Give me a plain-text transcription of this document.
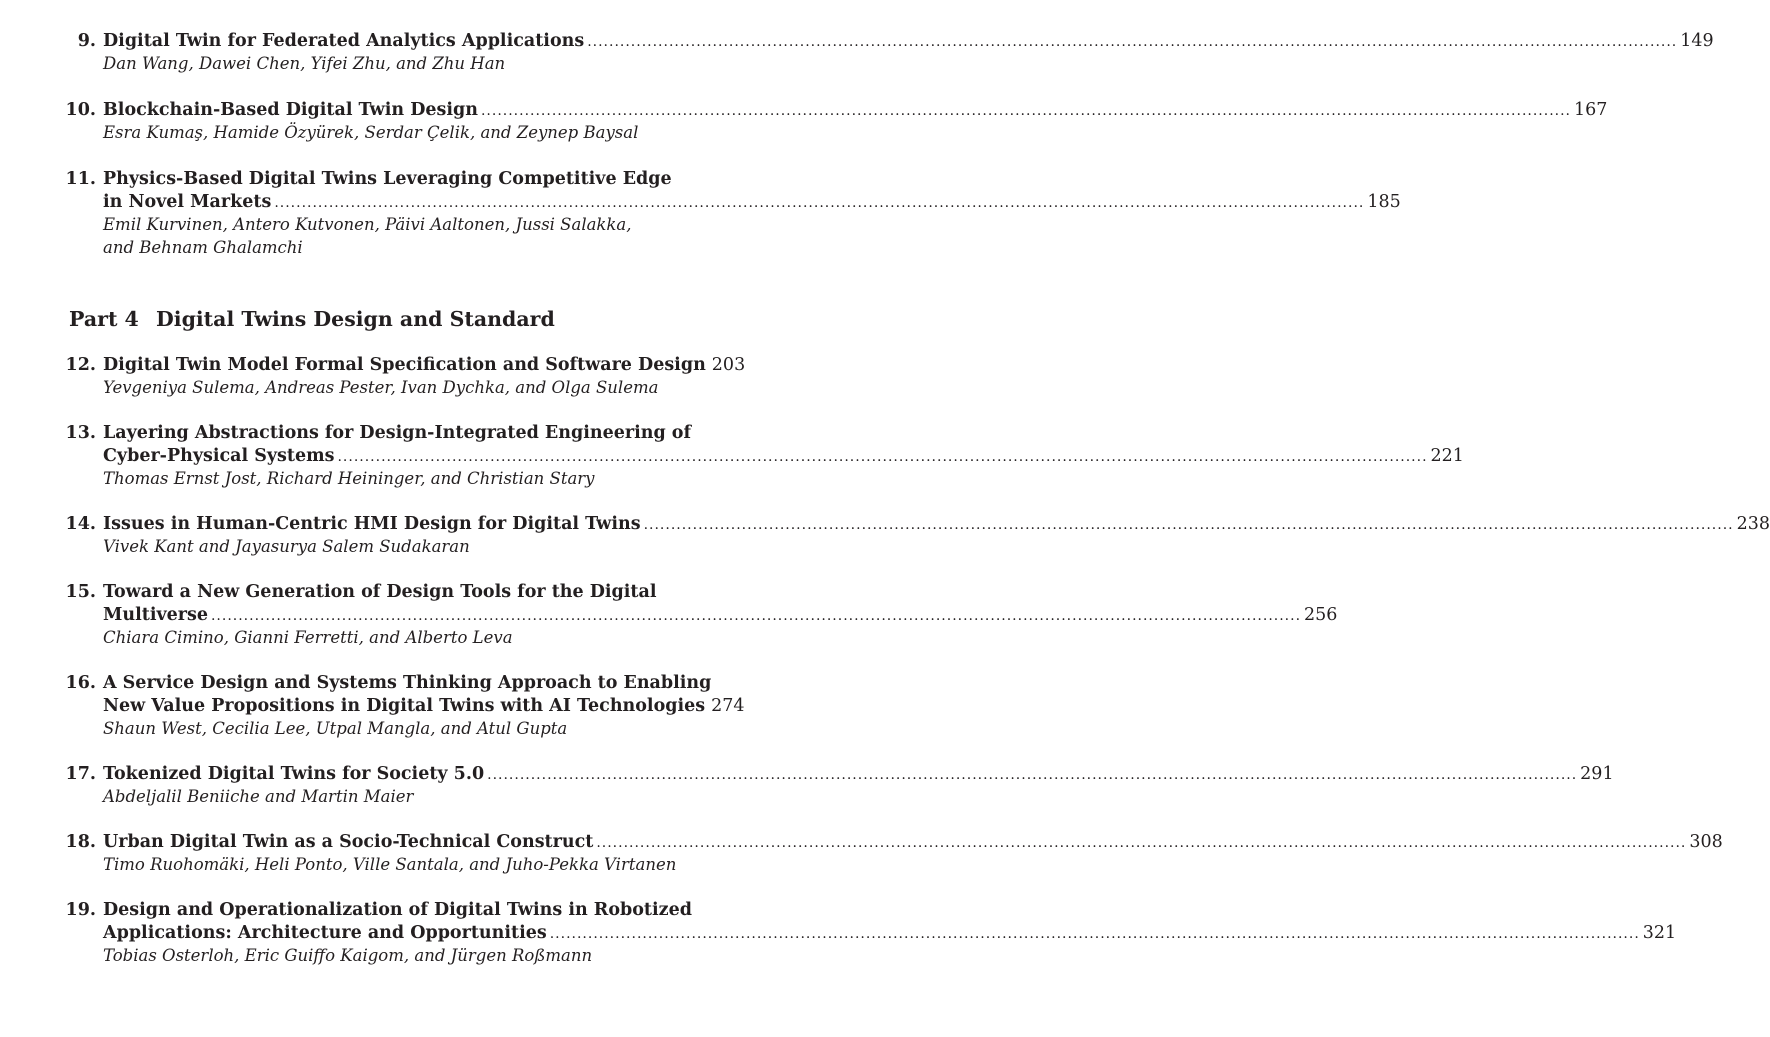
Part 4 Digital Twins Design and Standard
9. Digital Twin for Federated Analytics Applications ........................................................................................................................................................................................................ 149
Dan Wang, Dawei Chen, Yifei Zhu, and Zhu Han
10. Blockchain-Based Digital Twin Design ........................................................................................................................................................................................................ 167
Esra Kumaş, Hamide Özyürek, Serdar Çelik, and Zeynep Baysal
11. Physics-Based Digital Twins Leveraging Competitive Edge
in Novel Markets ........................................................................................................................................................................................................ 185
Emil Kurvinen, Antero Kutvonen, Päivi Aaltonen, Jussi Salakka,
and Behnam Ghalamchi
12. Digital Twin Model Formal Specification and Software Design 203
Yevgeniya Sulema, Andreas Pester, Ivan Dychka, and Olga Sulema
13. Layering Abstractions for Design-Integrated Engineering of
Cyber-Physical Systems ........................................................................................................................................................................................................ 221
Thomas Ernst Jost, Richard Heininger, and Christian Stary
14. Issues in Human-Centric HMI Design for Digital Twins ........................................................................................................................................................................................................ 238
Vivek Kant and Jayasurya Salem Sudakaran
15. Toward a New Generation of Design Tools for the Digital
Multiverse ........................................................................................................................................................................................................ 256
Chiara Cimino, Gianni Ferretti, and Alberto Leva
16. A Service Design and Systems Thinking Approach to Enabling
New Value Propositions in Digital Twins with AI Technologies 274
Shaun West, Cecilia Lee, Utpal Mangla, and Atul Gupta
17. Tokenized Digital Twins for Society 5.0 ........................................................................................................................................................................................................ 291
Abdeljalil Beniiche and Martin Maier
18. Urban Digital Twin as a Socio-Technical Construct ........................................................................................................................................................................................................ 308
Timo Ruohomäki, Heli Ponto, Ville Santala, and Juho-Pekka Virtanen
19. Design and Operationalization of Digital Twins in Robotized
Applications: Architecture and Opportunities ........................................................................................................................................................................................................ 321
Tobias Osterloh, Eric Guiffo Kaigom, and Jürgen Roßmann
